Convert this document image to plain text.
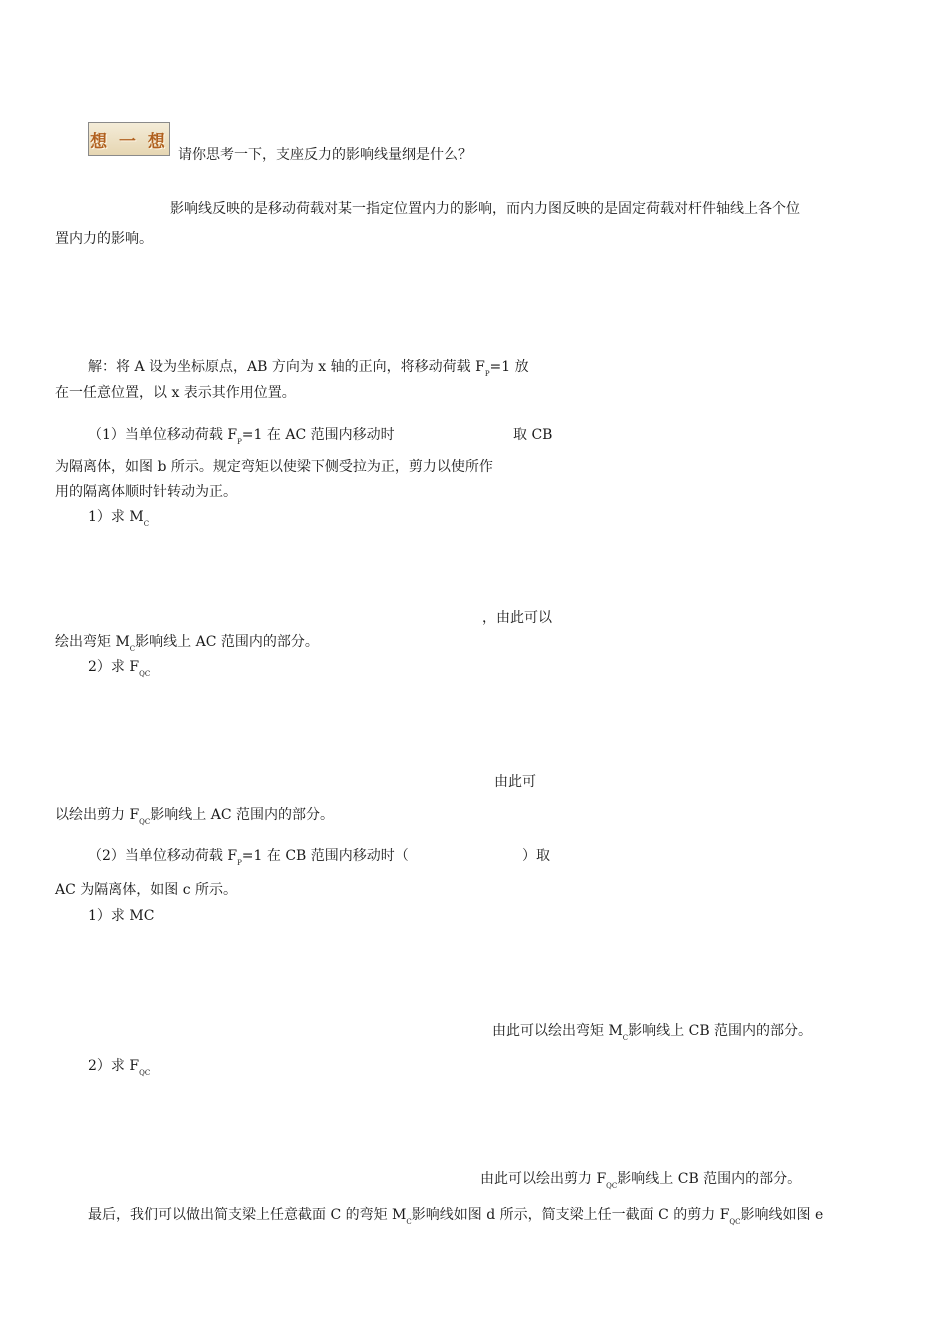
想 一 想
请你思考一下，支座反力的影响线量纲是什么？
影响线反映的是移动荷载对某一指定位置内力的影响，而内力图反映的是固定荷载对杆件轴线上各个位
置内力的影响。
解：将 A 设为坐标原点，AB 方向为 x 轴的正向，将移动荷载 $F_P=1$ 放
在一任意位置，以 x 表示其作用位置。
（1）当单位移动荷载 $F_P=1$ 在 AC 范围内移动时	取 CB
为隔离体，如图 b 所示。规定弯矩以使梁下侧受拉为正，剪力以使所作
用的隔离体顺时针转动为正。
1）求 $M_C$
，由此可以
绘出弯矩 $M_C$影响线上 AC 范围内的部分。
2）求 $F_{QC}$
由此可
以绘出剪力 $F_{QC}$影响线上 AC 范围内的部分。
（2）当单位移动荷载 $F_P=1$ 在 CB 范围内移动时（	）取
AC 为隔离体，如图 c 所示。
1）求 MC
由此可以绘出弯矩 $M_C$影响线上 CB 范围内的部分。
2）求 $F_{QC}$
由此可以绘出剪力 $F_{QC}$影响线上 CB 范围内的部分。
最后，我们可以做出简支梁上任意截面 C 的弯矩 $M_C$影响线如图 d 所示，简支梁上任一截面 C 的剪力 $F_{QC}$影响线如图 e
